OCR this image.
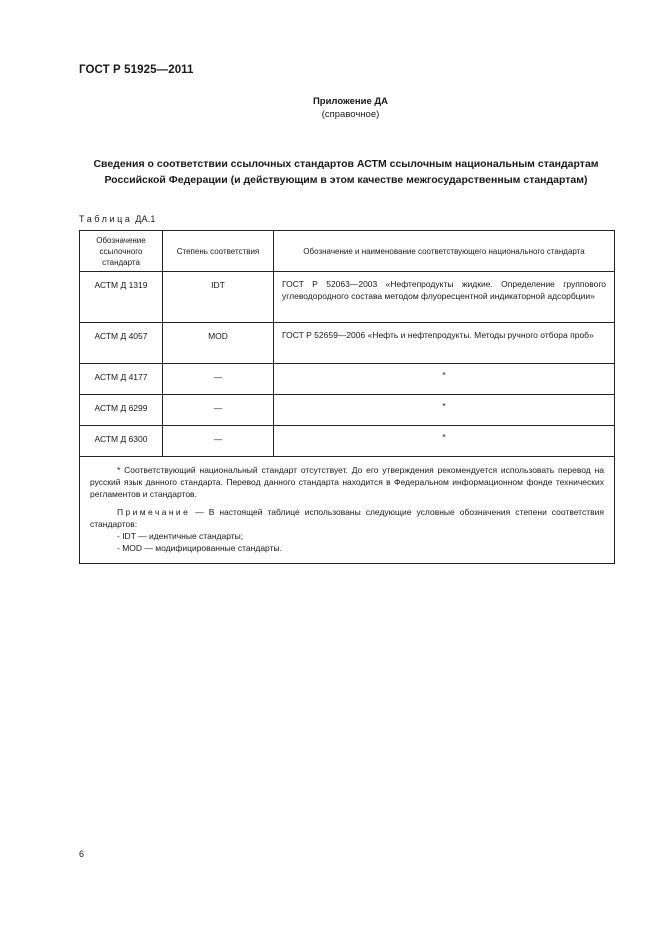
ГОСТ Р 51925—2011
Приложение ДА
(справочное)
Сведения о соответствии ссылочных стандартов АСТМ ссылочным национальным стандартам Российской Федерации (и действующим в этом качестве межгосударственным стандартам)
Таблица ДА.1
Обозначение ссылочного стандарта	Степень соответствия	Обозначение и наименование соответствующего национального стандарта
АСТМ Д 1319	IDT	ГОСТ Р 52063—2003 «Нефтепродукты жидкие. Определение группового углеводородного состава методом флуоресцентной индикаторной адсорбции»
АСТМ Д 4057	MOD	ГОСТ Р 52659—2006 «Нефть и нефтепродукты. Методы ручного отбора проб»
АСТМ Д 4177	—	*
АСТМ Д 6299	—	*
АСТМ Д 6300	—	*

* Соответствующий национальный стандарт отсутствует. До его утверждения рекомендуется использовать перевод на русский язык данного стандарта. Перевод данного стандарта находится в Федеральном информационном фонде технических регламентов и стандартов.
Примечание — В настоящей таблице использованы следующие условные обозначения степени соответствия стандартов:
- IDT — идентичные стандарты;
- MOD — модифицированные стандарты.		
6
